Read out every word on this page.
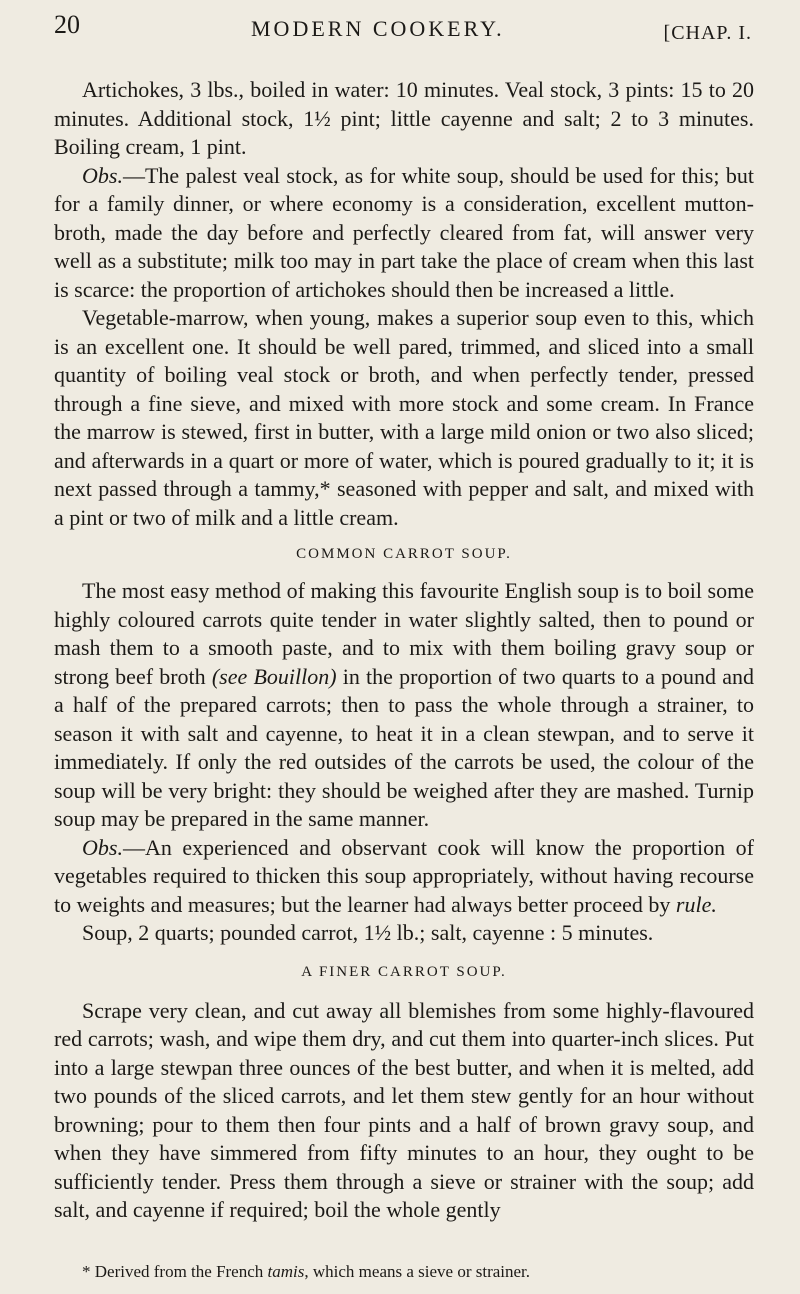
20	MODERN COOKERY.	[CHAP. I.

Artichokes, 3 lbs., boiled in water: 10 minutes. Veal stock, 3 pints: 15 to 20 minutes. Additional stock, 1½ pint; little cayenne and salt; 2 to 3 minutes. Boiling cream, 1 pint.

Obs.—The palest veal stock, as for white soup, should be used for this; but for a family dinner, or where economy is a consideration, excellent mutton-broth, made the day before and perfectly cleared from fat, will answer very well as a substitute; milk too may in part take the place of cream when this last is scarce: the proportion of artichokes should then be increased a little.

Vegetable-marrow, when young, makes a superior soup even to this, which is an excellent one. It should be well pared, trimmed, and sliced into a small quantity of boiling veal stock or broth, and when perfectly tender, pressed through a fine sieve, and mixed with more stock and some cream. In France the marrow is stewed, first in butter, with a large mild onion or two also sliced; and afterwards in a quart or more of water, which is poured gradually to it; it is next passed through a tammy,* seasoned with pepper and salt, and mixed with a pint or two of milk and a little cream.

COMMON CARROT SOUP.

The most easy method of making this favourite English soup is to boil some highly coloured carrots quite tender in water slightly salted, then to pound or mash them to a smooth paste, and to mix with them boiling gravy soup or strong beef broth (see Bouillon) in the proportion of two quarts to a pound and a half of the prepared carrots; then to pass the whole through a strainer, to season it with salt and cayenne, to heat it in a clean stewpan, and to serve it immediately. If only the red outsides of the carrots be used, the colour of the soup will be very bright: they should be weighed after they are mashed. Turnip soup may be prepared in the same manner.

Obs.—An experienced and observant cook will know the proportion of vegetables required to thicken this soup appropriately, without having recourse to weights and measures; but the learner had always better proceed by rule.

Soup, 2 quarts; pounded carrot, 1½ lb.; salt, cayenne : 5 minutes.

A FINER CARROT SOUP.

Scrape very clean, and cut away all blemishes from some highly-flavoured red carrots; wash, and wipe them dry, and cut them into quarter-inch slices. Put into a large stewpan three ounces of the best butter, and when it is melted, add two pounds of the sliced carrots, and let them stew gently for an hour without browning; pour to them then four pints and a half of brown gravy soup, and when they have simmered from fifty minutes to an hour, they ought to be sufficiently tender. Press them through a sieve or strainer with the soup; add salt, and cayenne if required; boil the whole gently

* Derived from the French tamis, which means a sieve or strainer.
